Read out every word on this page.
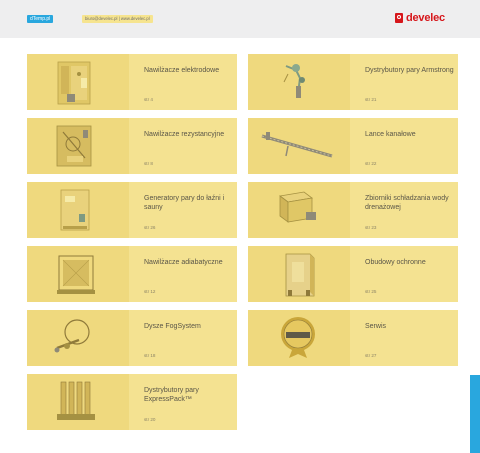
dTemp.pl	biuro@develec.pl | www.develec.pl	develec
Nawilżacze elektrodowe
str 4
Dystrybutory pary Armstrong
str 21
Nawilżacze rezystancyjne
str 8
Lance kanałowe
str 22
Generatory pary do łaźni i sauny
str 26
Zbiorniki schładzania wody drenażowej
str 23
Nawilżacze adiabatyczne
str 12
Obudowy ochronne
str 25
Dysze FogSystem
str 18
Serwis
str 27
Dystrybutory pary ExpressPack™
str 20
